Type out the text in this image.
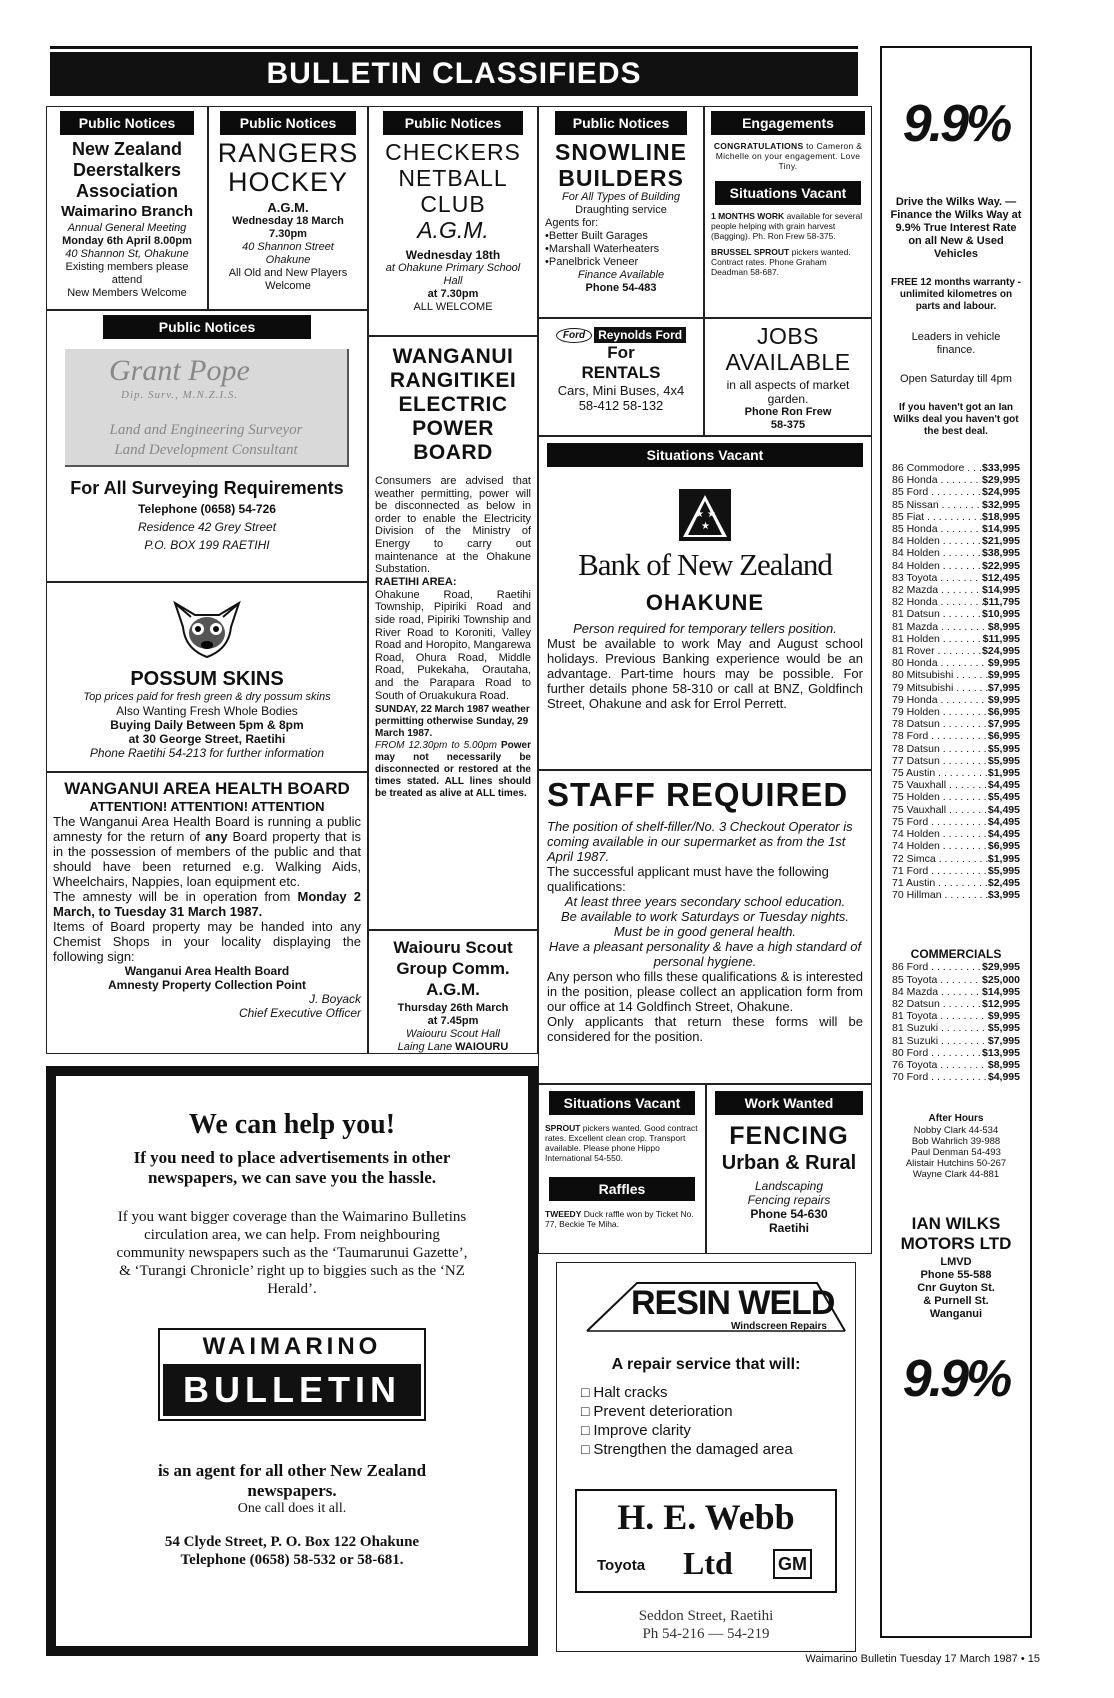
BULLETIN CLASSIFIEDS
Public Notices

New Zealand Deerstalkers Association

Waimarino Branch

Annual General Meeting

Monday 6th April 8.00pm

40 Shannon St, Ohakune

Existing members please attend

New Members Welcome

Public Notices

RANGERS

HOCKEY

A.G.M.

Wednesday 18 March

7.30pm

40 Shannon Street

Ohakune

All Old and New Players Welcome

Public Notices

CHECKERS NETBALL CLUB

A.G.M.

Wednesday 18th

at Ohakune Primary School Hall

at 7.30pm

ALL WELCOME

Public Notices

SNOWLINE BUILDERS

For All Types of Building

Draughting service

Agents for:

• Better Built Garages

• Marshall Waterheaters

• Panelbrick Veneer

Finance Available

Phone 54-483

Engagements

CONGRATULATIONS to Cameron & Michelle on your engagement. Love Tiny.

Situations Vacant

1 MONTHS WORK available for several people helping with grain harvest (Bagging). Ph. Ron Frew 58-375.

BRUSSEL SPROUT pickers wanted. Contract rates. Phone Graham Deadman 58-687.

Public Notices

Grant Pope

Dip. Surv., M.N.Z.I.S.

Land and Engineering Surveyor

Land Development Consultant

For All Surveying Requirements

Telephone (0658) 54-726

Residence 42 Grey Street

P.O. BOX 199 RAETIHI

POSSUM SKINS

Top prices paid for fresh green & dry possum skins

Also Wanting Fresh Whole Bodies

Buying Daily Between 5pm & 8pm

at 30 George Street, Raetihi

Phone Raetihi 54-213 for further information

WANGANUI AREA HEALTH BOARD

ATTENTION! ATTENTION! ATTENTION

The Wanganui Area Health Board is running a public amnesty for the return of any Board property that is in the possession of members of the public and that should have been returned e.g. Walking Aids, Wheelchairs, Nappies, loan equipment etc.

The amnesty will be in operation from Monday 2 March, to Tuesday 31 March 1987.

Items of Board property may be handed into any Chemist Shops in your locality displaying the following sign:

Wanganui Area Health Board

Amnesty Property Collection Point

J. Boyack

Chief Executive Officer

WANGANUI RANGITIKEI ELECTRIC POWER BOARD

Consumers are advised that weather permitting, power will be disconnected as below in order to enable the Electricity Division of the Ministry of Energy to carry out maintenance at the Ohakune Substation.

RAETIHI AREA:

Ohakune Road, Raetihi Township, Pipiriki Road and side road, Pipiriki Township and River Road to Koroniti, Valley Road and Horopito, Mangarewa Road, Ohura Road, Middle Road, Pukekaha, Orautaha, and the Paraparа Road to South of Oruakukura Road.

SUNDAY, 22 March 1987 weather permitting otherwise Sunday, 29 March 1987.

FROM 12.30pm to 5.00pm Power may not necessarily be disconnected or restored at the times stated. ALL lines should be treated as alive at ALL times.

Waiouru Scout Group Comm. A.G.M.

Thursday 26th March

at 7.45pm

Waiouru Scout Hall

Laing Lane WAIOURU

Ford	Reynolds Ford

For

RENTALS

Cars, Mini Buses, 4x4

58-412 58-132

JOBS AVAILABLE

in all aspects of market garden.

Phone Ron Frew

58-375

Situations Vacant
★ ★
★

Bank of New Zealand

OHAKUNE

Person required for temporary tellers position.

Must be available to work May and August school holidays. Previous Banking experience would be an advantage. Part-time hours may be possible. For further details phone 58-310 or call at BNZ, Goldfinch Street, Ohakune and ask for Errol Perrett.

STAFF REQUIRED

The position of shelf-filler/No. 3 Checkout Operator is coming available in our supermarket as from the 1st April 1987.

The successful applicant must have the following qualifications:

At least three years secondary school education.

Be available to work Saturdays or Tuesday nights.

Must be in good general health.

Have a pleasant personality & have a high standard of personal hygiene.

Any person who fills these qualifications & is interested in the position, please collect an application form from our office at 14 Goldfinch Street, Ohakune.

Only applicants that return these forms will be considered for the position.

Situations Vacant

SPROUT pickers wanted. Good contract rates. Excellent clean crop. Transport available. Please phone Hippo International 54-550.

Raffles

TWEEDY Duck raffle won by Ticket No. 77, Beckie Te Miha.

Work Wanted

FENCING

Urban & Rural

Landscaping

Fencing repairs

Phone 54-630

Raetihi

We can help you!

If you need to place advertisements in other newspapers, we can save you the hassle.

If you want bigger coverage than the Waimarino Bulletins circulation area, we can help. From neighbouring community newspapers such as the ‘Taumarunui Gazette’, & ‘Turangi Chronicle’ right up to biggies such as the ‘NZ Herald’.

WAIMARINO

BULLETIN

is an agent for all other New Zealand newspapers.

One call does it all.

54 Clyde Street, P. O. Box 122 Ohakune

Telephone (0658) 58-532 or 58-681.

RESIN WELD

Windscreen Repairs

A repair service that will:

□ Halt cracks

□ Prevent deterioration

□ Improve clarity

□ Strengthen the damaged area

H. E. Webb

Toyota Ltd	GM

Seddon Street, Raetihi

Ph 54-216 — 54-219

9.9%

Drive the Wilks Way. —Finance the Wilks Way at 9.9% True Interest Rate on all New & Used Vehicles

FREE 12 months warranty - unlimited kilometres on parts and labour.

Leaders in vehicle finance.

Open Saturday till 4pm

If you haven't got an Ian Wilks deal you haven't got the best deal.

86 Commodore . . .	$33,995
86 Honda . . .	$29,995
85 Ford . . .	$24,995
85 Nissan . . .	$32,995
85 Fiat . . .	$18,995
85 Honda . . .	$14,995
84 Holden . . .	$21,995
84 Holden . . .	$38,995
84 Holden . . .	$22,995
83 Toyota . . .	$12,495
82 Mazda . . .	$14,995
82 Honda . . .	$11,795
81 Datsun . . .	$10,995
81 Mazda . . .	$8,995
81 Holden . . .	$11,995
81 Rover . . .	$24,995
80 Honda . . .	$9,995
80 Mitsubishi . . .	$9,995
79 Mitsubishi . . .	$7,995
79 Honda . . .	$9,995
79 Holden . . .	$6,995
78 Datsun . . .	$7,995
78 Ford . . .	$6,995
78 Datsun . . .	$5,995
77 Datsun . . .	$5,995
75 Austin . . .	$1,995
75 Vauxhall . . .	$4,495
75 Holden . . .	$5,495
75 Vauxhall . . .	$4,495
75 Ford . . .	$4,495
74 Holden . . .	$4,495
74 Holden . . .	$6,995
72 Simca . . .	$1,995
71 Ford . . .	$5,995
71 Austin . . .	$2,495
70 Hillman . . .	$3,995

COMMERCIALS

86 Ford . . .	$29,995
85 Toyota . . .	$25,000
84 Mazda . . .	$14,995
82 Datsun . . .	$12,995
81 Toyota . . .	$9,995
81 Suzuki . . .	$5,995
81 Suzuki . . .	$7,995
80 Ford . . .	$13,995
76 Toyota . . .	$8,995
70 Ford . . .	$4,995

After Hours

Nobby Clark 44-534

Bob Wahrlich 39-988

Paul Denman 54-493

Alistair Hutchins 50-267

Wayne Clark 44-881

IAN WILKS MOTORS LTD

LMVD

Phone 55-588

Cnr Guyton St.

& Purnell St.

Wanganui

9.9%

Waimarino Bulletin Tuesday 17 March 1987 • 15
